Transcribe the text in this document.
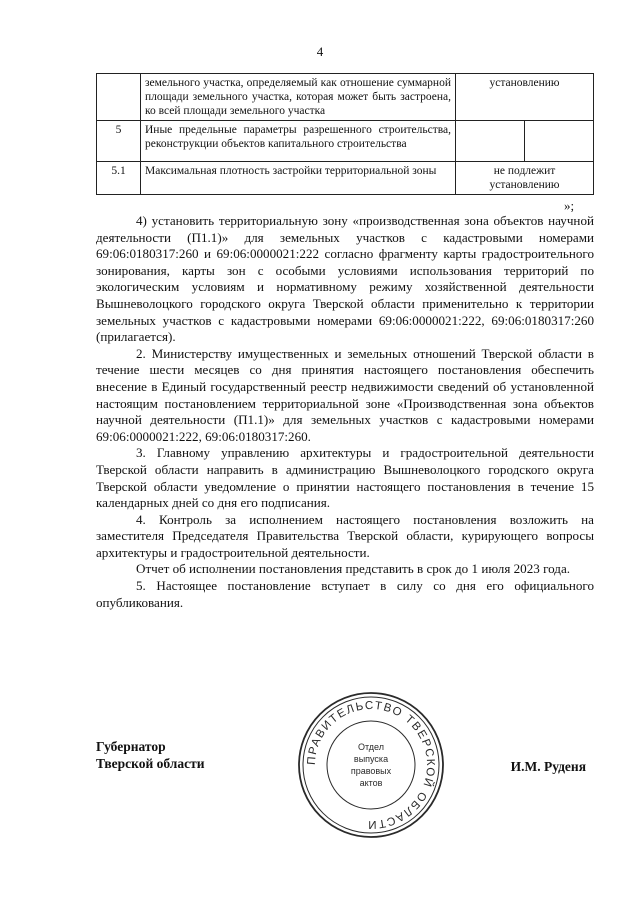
4
	земельного участка, определяемый как отношение суммарной площади земельного участка, которая может быть застроена, ко всей площади земельного участка	установлению
5	Иные предельные параметры разрешенного строительства, реконструкции объектов капитального строительства	

5.1	Максимальная плотность застройки территориальной зоны	не подлежит установлению
»;

4) установить территориальную зону «производственная зона объектов научной деятельности (П1.1)» для земельных участков с кадастровыми номерами 69:06:0180317:260 и 69:06:0000021:222 согласно фрагменту карты градостроительного зонирования, карты зон с особыми условиями использования территорий по экологическим условиям и нормативному режиму хозяйственной деятельности Вышневолоцкого городского округа Тверской области применительно к территории земельных участков с кадастровыми номерами 69:06:0000021:222, 69:06:0180317:260 (прилагается).

2. Министерству имущественных и земельных отношений Тверской области в течение шести месяцев со дня принятия настоящего постановления обеспечить внесение в Единый государственный реестр недвижимости сведений об установленной настоящим постановлением территориальной зоне «Производственная зона объектов научной деятельности (П1.1)» для земельных участков с кадастровыми номерами 69:06:0000021:222, 69:06:0180317:260.

3. Главному управлению архитектуры и градостроительной деятельности Тверской области направить в администрацию Вышневолоцкого городского округа Тверской области уведомление о принятии настоящего постановления в течение 15 календарных дней со дня его подписания.

4. Контроль за исполнением настоящего постановления возложить на заместителя Председателя Правительства Тверской области, курирующего вопросы архитектуры и градостроительной деятельности.

Отчет об исполнении постановления представить в срок до 1 июля 2023 года.

5. Настоящее постановление вступает в силу со дня его официального опубликования.

Губернатор
Тверской области	И.М. Руденя
ПРАВИТЕЛЬСТВО ТВЕРСКОЙ ОБЛАСТИ
Отдел
выпуска
правовых
актов
